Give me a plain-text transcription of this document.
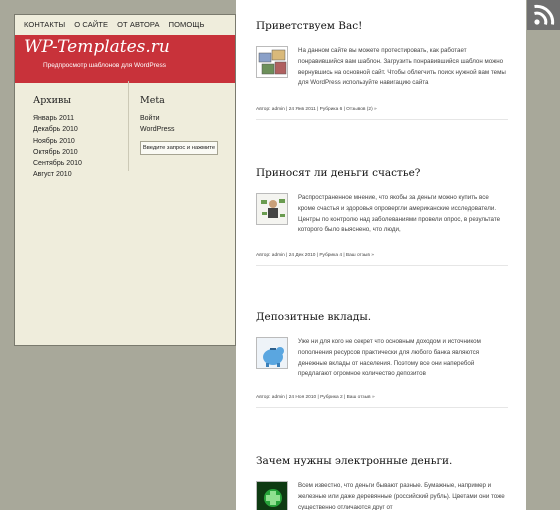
КОНТАКТЫ О САЙТЕ ОТ АВТОРА ПОМОЩЬ
WP-Templates.ru
Предпросмотр шаблонов для WordPress
Архивы
Январь 2011
Декабрь 2010
Ноябрь 2010
Октябрь 2010
Сентябрь 2010
Август 2010
Meta
Войти
WordPress
Введите запрос и нажмите
Приветствуем Вас!
На данном сайте вы можете протестировать, как работает понравившийся вам шаблон. Загрузить понравившийся шаблон можно вернувшись на основной сайт. Чтобы облегчить поиск нужной вам темы для WordPress используйте навигацию сайта
Автор: admin | 24 Янв 2011 | Рубрика 6 | Отзывов (2) »
Приносят ли деньги счастье?
Распространенное мнение, что якобы за деньги можно купить все кроме счастья и здоровья опровергли американские исследователи. Центры по контролю над заболеваниями провели опрос, в результате которого было выяснено, что люди,
Автор: admin | 24 Дек 2010 | Рубрика 4 | Ваш отзыв »
Депозитные вклады.
Уже ни для кого не секрет что основным доходом и источником пополнения ресурсов практически для любого банка являются денежные вклады от населения. Поэтому все они наперебой предлагают огромное количество депозитов
Автор: admin | 24 Ноя 2010 | Рубрика 2 | Ваш отзыв »
Зачем нужны электронные деньги.
Всем известно, что деньги бывают разные. Бумажные, например и железные или даже деревянные (российский рубль). Цветами они тоже существенно отличаются друг от
